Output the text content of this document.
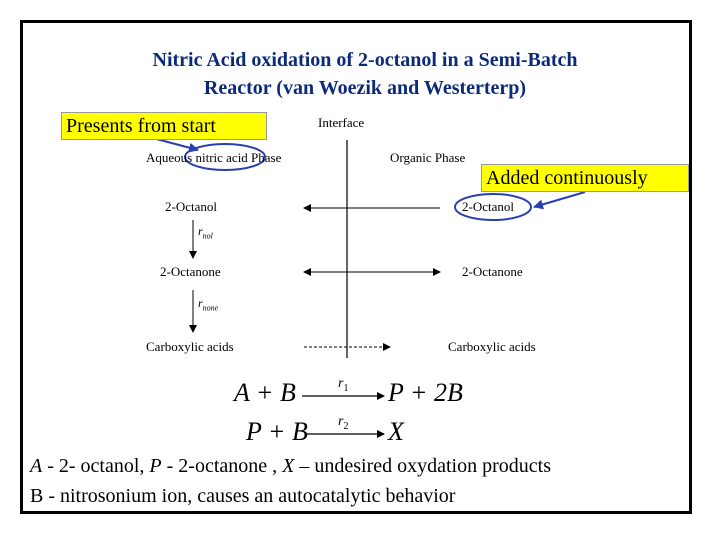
Nitric Acid oxidation of 2-octanol in a Semi-Batch
Reactor (van Woezik and Westerterp)
Presents from start
Added continuously
Interface
Aqueous nitric acid Phase	Organic Phase
2-Octanol
2-Octanone
Carboxylic acids
2-Octanol
2-Octanone
Carboxylic acids
$r_{nol}$
$r_{none}$
A + B	$r_1$ P + 2B
P + B $r_2$ X
A - 2- octanol, P - 2-octanone , X – undesired oxydation products
B - nitrosonium ion, causes an autocatalytic behavior
